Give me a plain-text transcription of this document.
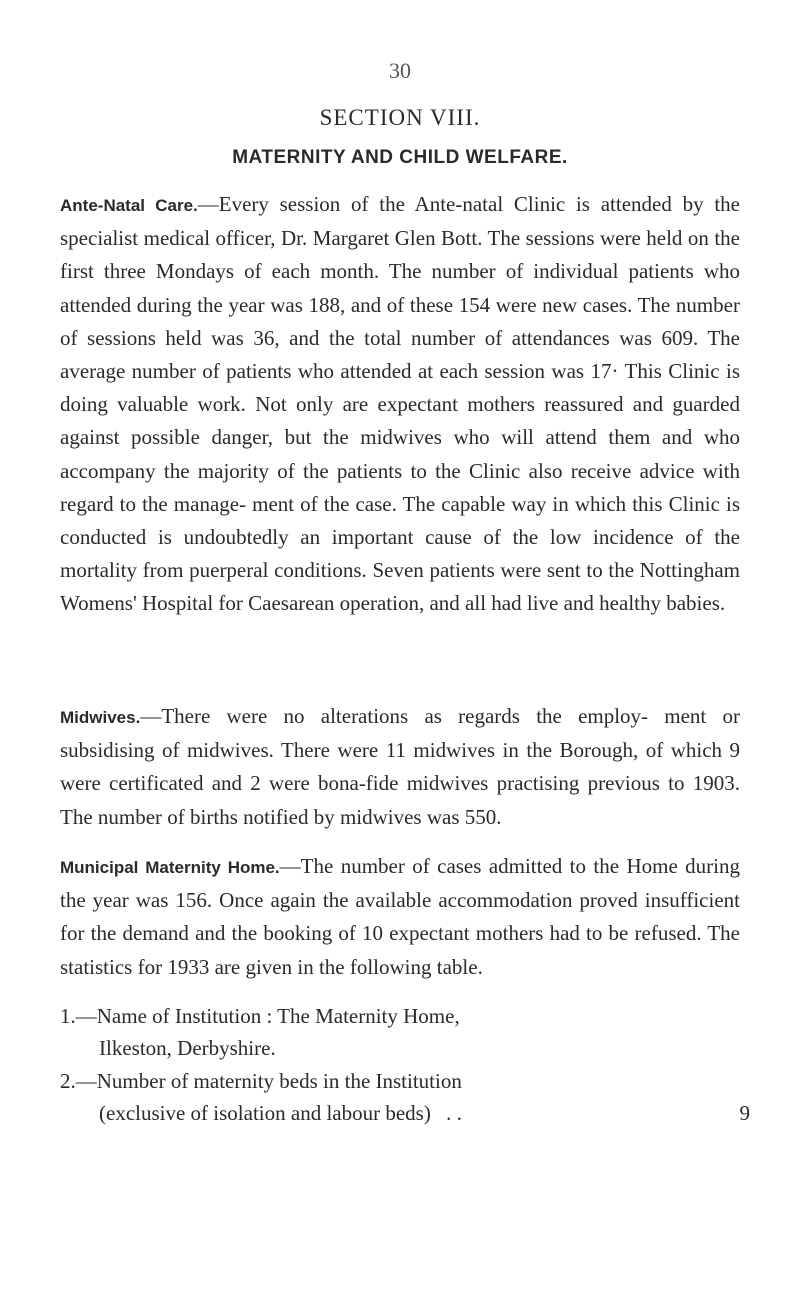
30
SECTION VIII.
MATERNITY AND CHILD WELFARE.

Ante-Natal Care.—Every session of the Ante-natal Clinic is attended by the specialist medical officer, Dr. Margaret Glen Bott. The sessions were held on the first three Mondays of each month. The number of individual patients who attended during the year was 188, and of these 154 were new cases. The number of sessions held was 36, and the total number of attendances was 609. The average number of patients who attended at each session was 17· This Clinic is doing valuable work. Not only are expectant mothers reassured and guarded against possible danger, but the midwives who will attend them and who accompany the majority of the patients to the Clinic also receive advice with regard to the manage- ment of the case. The capable way in which this Clinic is conducted is undoubtedly an important cause of the low incidence of the mortality from puerperal conditions. Seven patients were sent to the Nottingham Womens' Hospital for Caesarean operation, and all had live and healthy babies.

Midwives.—There were no alterations as regards the employ- ment or subsidising of midwives. There were 11 midwives in the Borough, of which 9 were certificated and 2 were bona-fide midwives practising previous to 1903. The number of births notified by midwives was 550.

Municipal Maternity Home.—The number of cases admitted to the Home during the year was 156. Once again the available accommodation proved insufficient for the demand and the booking of 10 expectant mothers had to be refused. The statistics for 1933 are given in the following table.

1.—Name of Institution : The Maternity Home,
Ilkeston, Derbyshire.
2.—Number of maternity beds in the Institution
(exclusive of isolation and labour beds) . .	9
